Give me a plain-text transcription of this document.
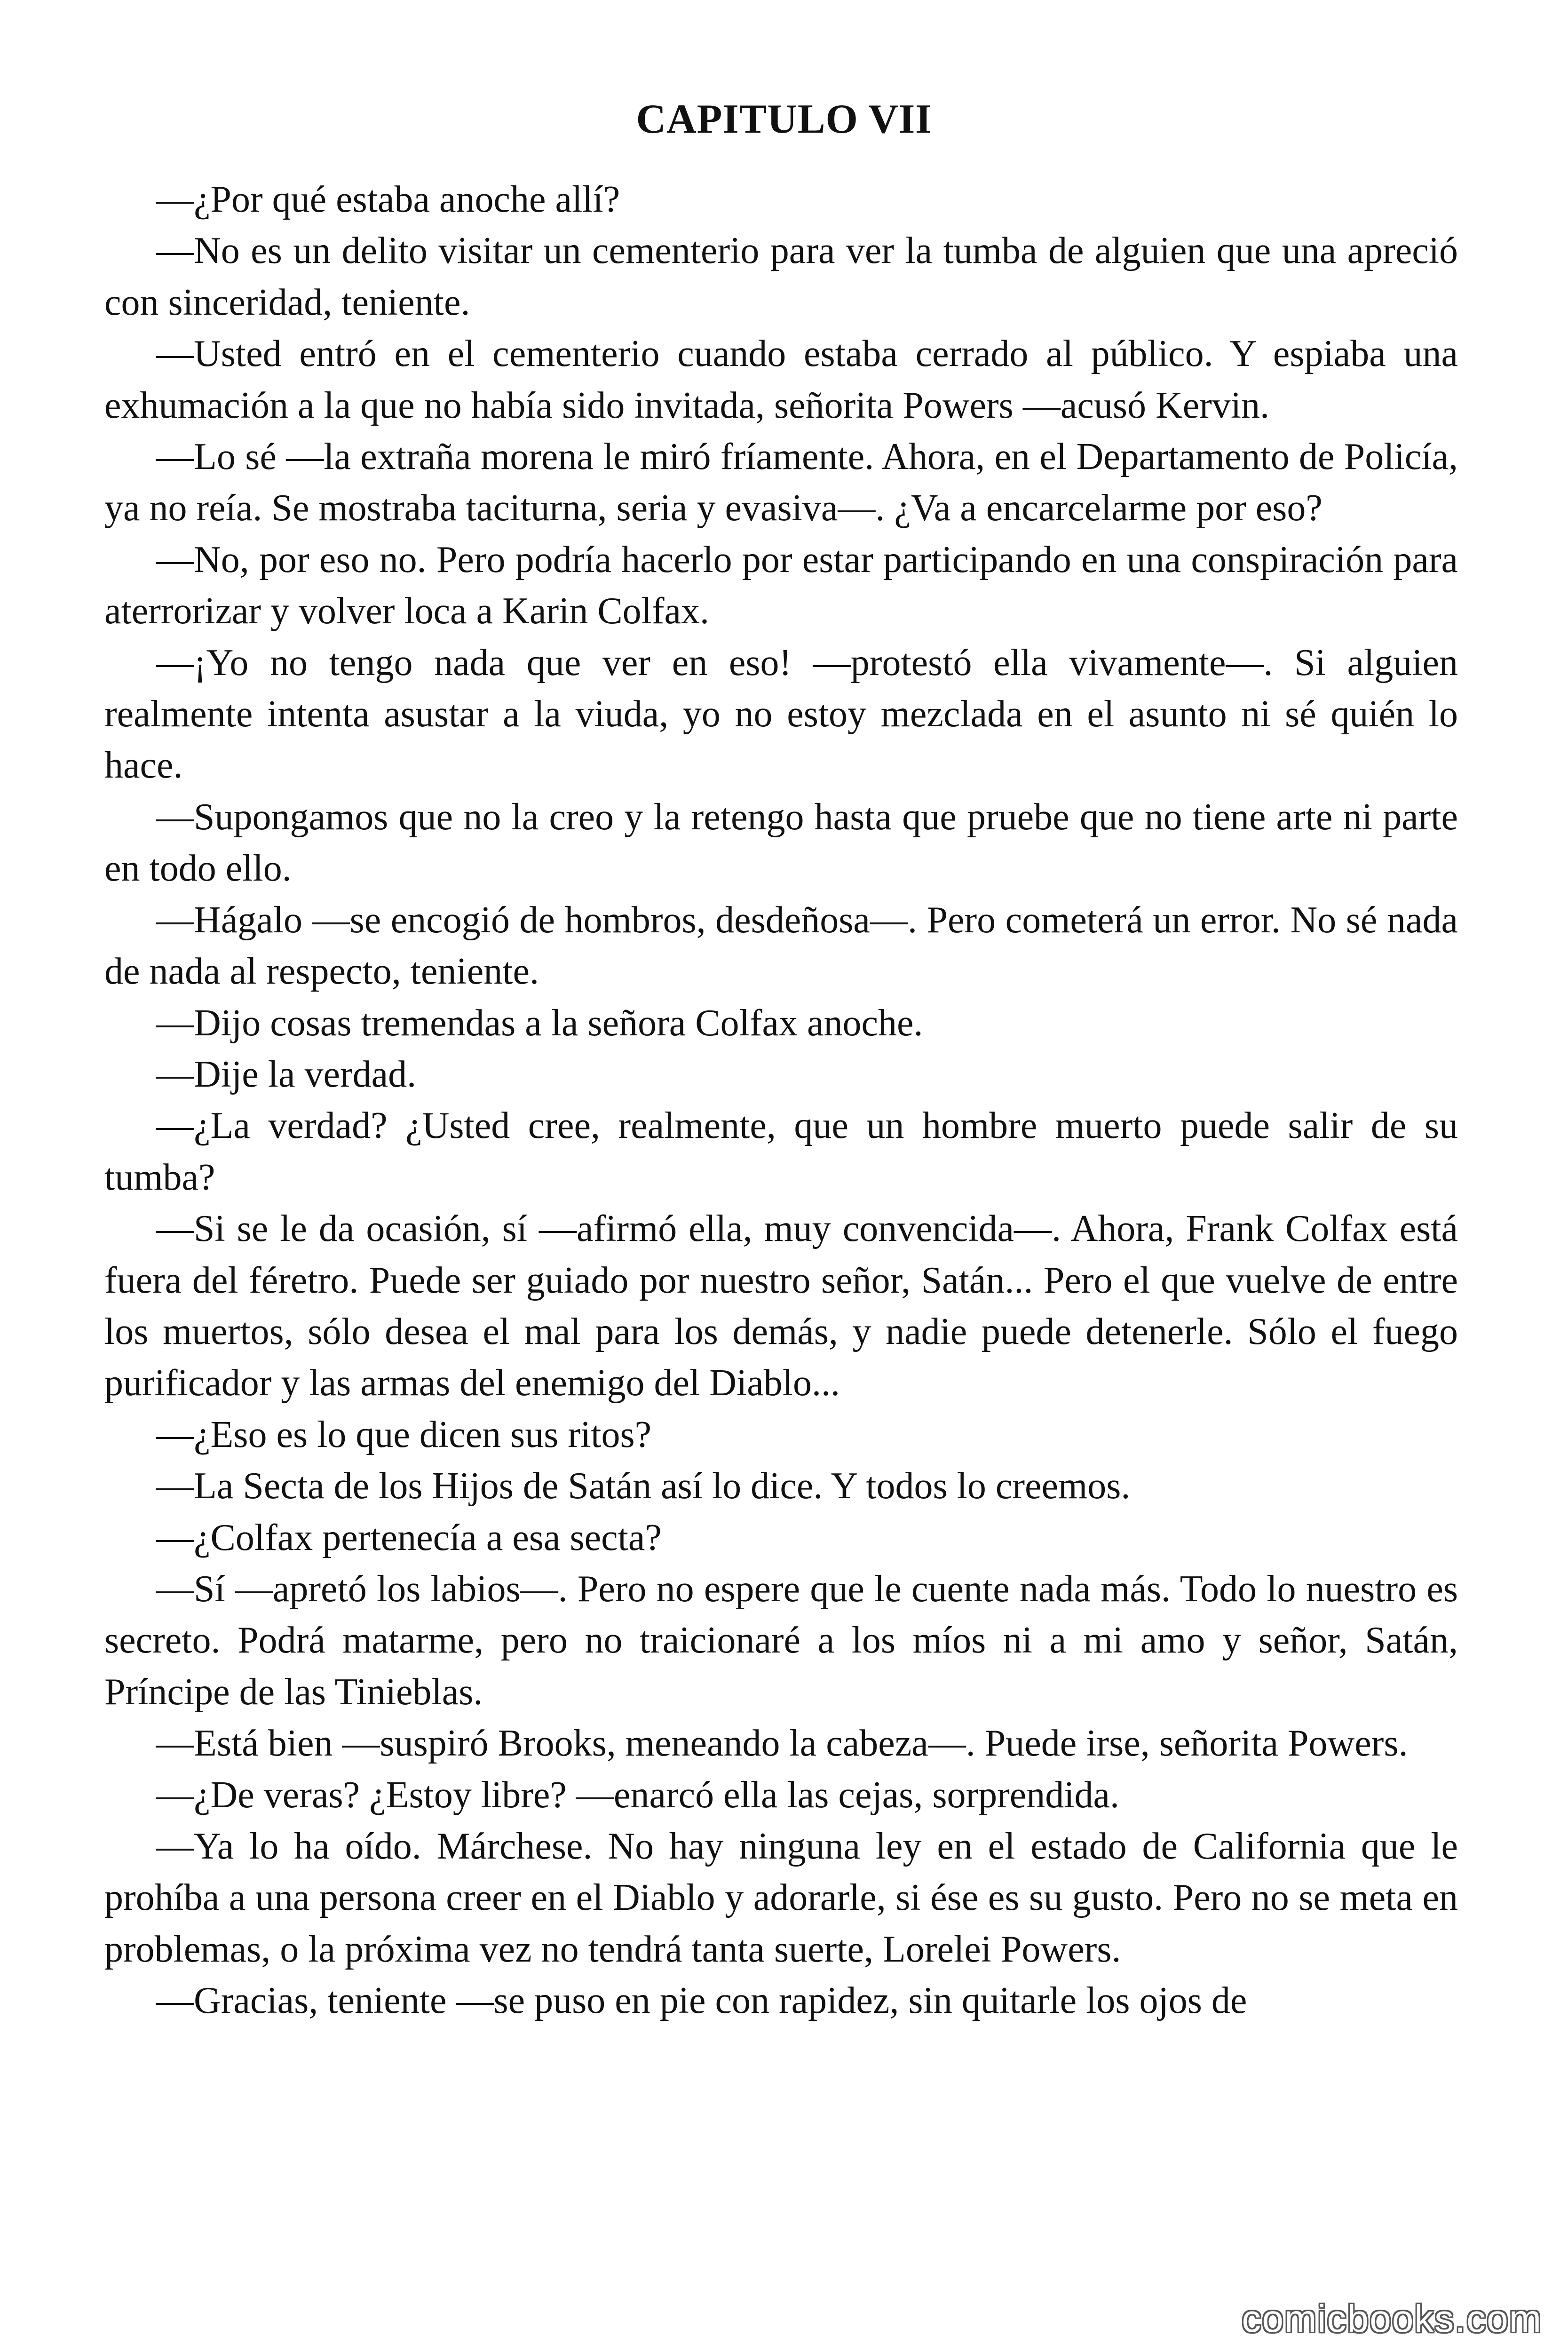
CAPITULO VII

—¿Por qué estaba anoche allí?

—No es un delito visitar un cementerio para ver la tumba de alguien que una apreció con sinceridad, teniente.

—Usted entró en el cementerio cuando estaba cerrado al público. Y espiaba una exhumación a la que no había sido invitada, señorita Powers —acusó Kervin.

—Lo sé —la extraña morena le miró fríamente. Ahora, en el Departamento de Policía, ya no reía. Se mostraba taciturna, seria y evasiva—. ¿Va a encarcelarme por eso?

—No, por eso no. Pero podría hacerlo por estar participando en una conspiración para aterrorizar y volver loca a Karin Colfax.

—¡Yo no tengo nada que ver en eso! —protestó ella vivamente—. Si alguien realmente intenta asustar a la viuda, yo no estoy mezclada en el asunto ni sé quién lo hace.

—Supongamos que no la creo y la retengo hasta que pruebe que no tiene arte ni parte en todo ello.

—Hágalo —se encogió de hombros, desdeñosa—. Pero cometerá un error. No sé nada de nada al respecto, teniente.

—Dijo cosas tremendas a la señora Colfax anoche.

—Dije la verdad.

—¿La verdad? ¿Usted cree, realmente, que un hombre muerto puede salir de su tumba?

—Si se le da ocasión, sí —afirmó ella, muy convencida—. Ahora, Frank Colfax está fuera del féretro. Puede ser guiado por nuestro señor, Satán... Pero el que vuelve de entre los muertos, sólo desea el mal para los demás, y nadie puede detenerle. Sólo el fuego purificador y las armas del enemigo del Diablo...

—¿Eso es lo que dicen sus ritos?

—La Secta de los Hijos de Satán así lo dice. Y todos lo creemos.

—¿Colfax pertenecía a esa secta?

—Sí —apretó los labios—. Pero no espere que le cuente nada más. Todo lo nuestro es secreto. Podrá matarme, pero no traicionaré a los míos ni a mi amo y señor, Satán, Príncipe de las Tinieblas.

—Está bien —suspiró Brooks, meneando la cabeza—. Puede irse, señorita Powers.

—¿De veras? ¿Estoy libre? —enarcó ella las cejas, sorprendida.

—Ya lo ha oído. Márchese. No hay ninguna ley en el estado de California que le prohíba a una persona creer en el Diablo y adorarle, si ése es su gusto. Pero no se meta en problemas, o la próxima vez no tendrá tanta suerte, Lorelei Powers.

—Gracias, teniente —se puso en pie con rapidez, sin quitarle los ojos de

comicbooks.com
